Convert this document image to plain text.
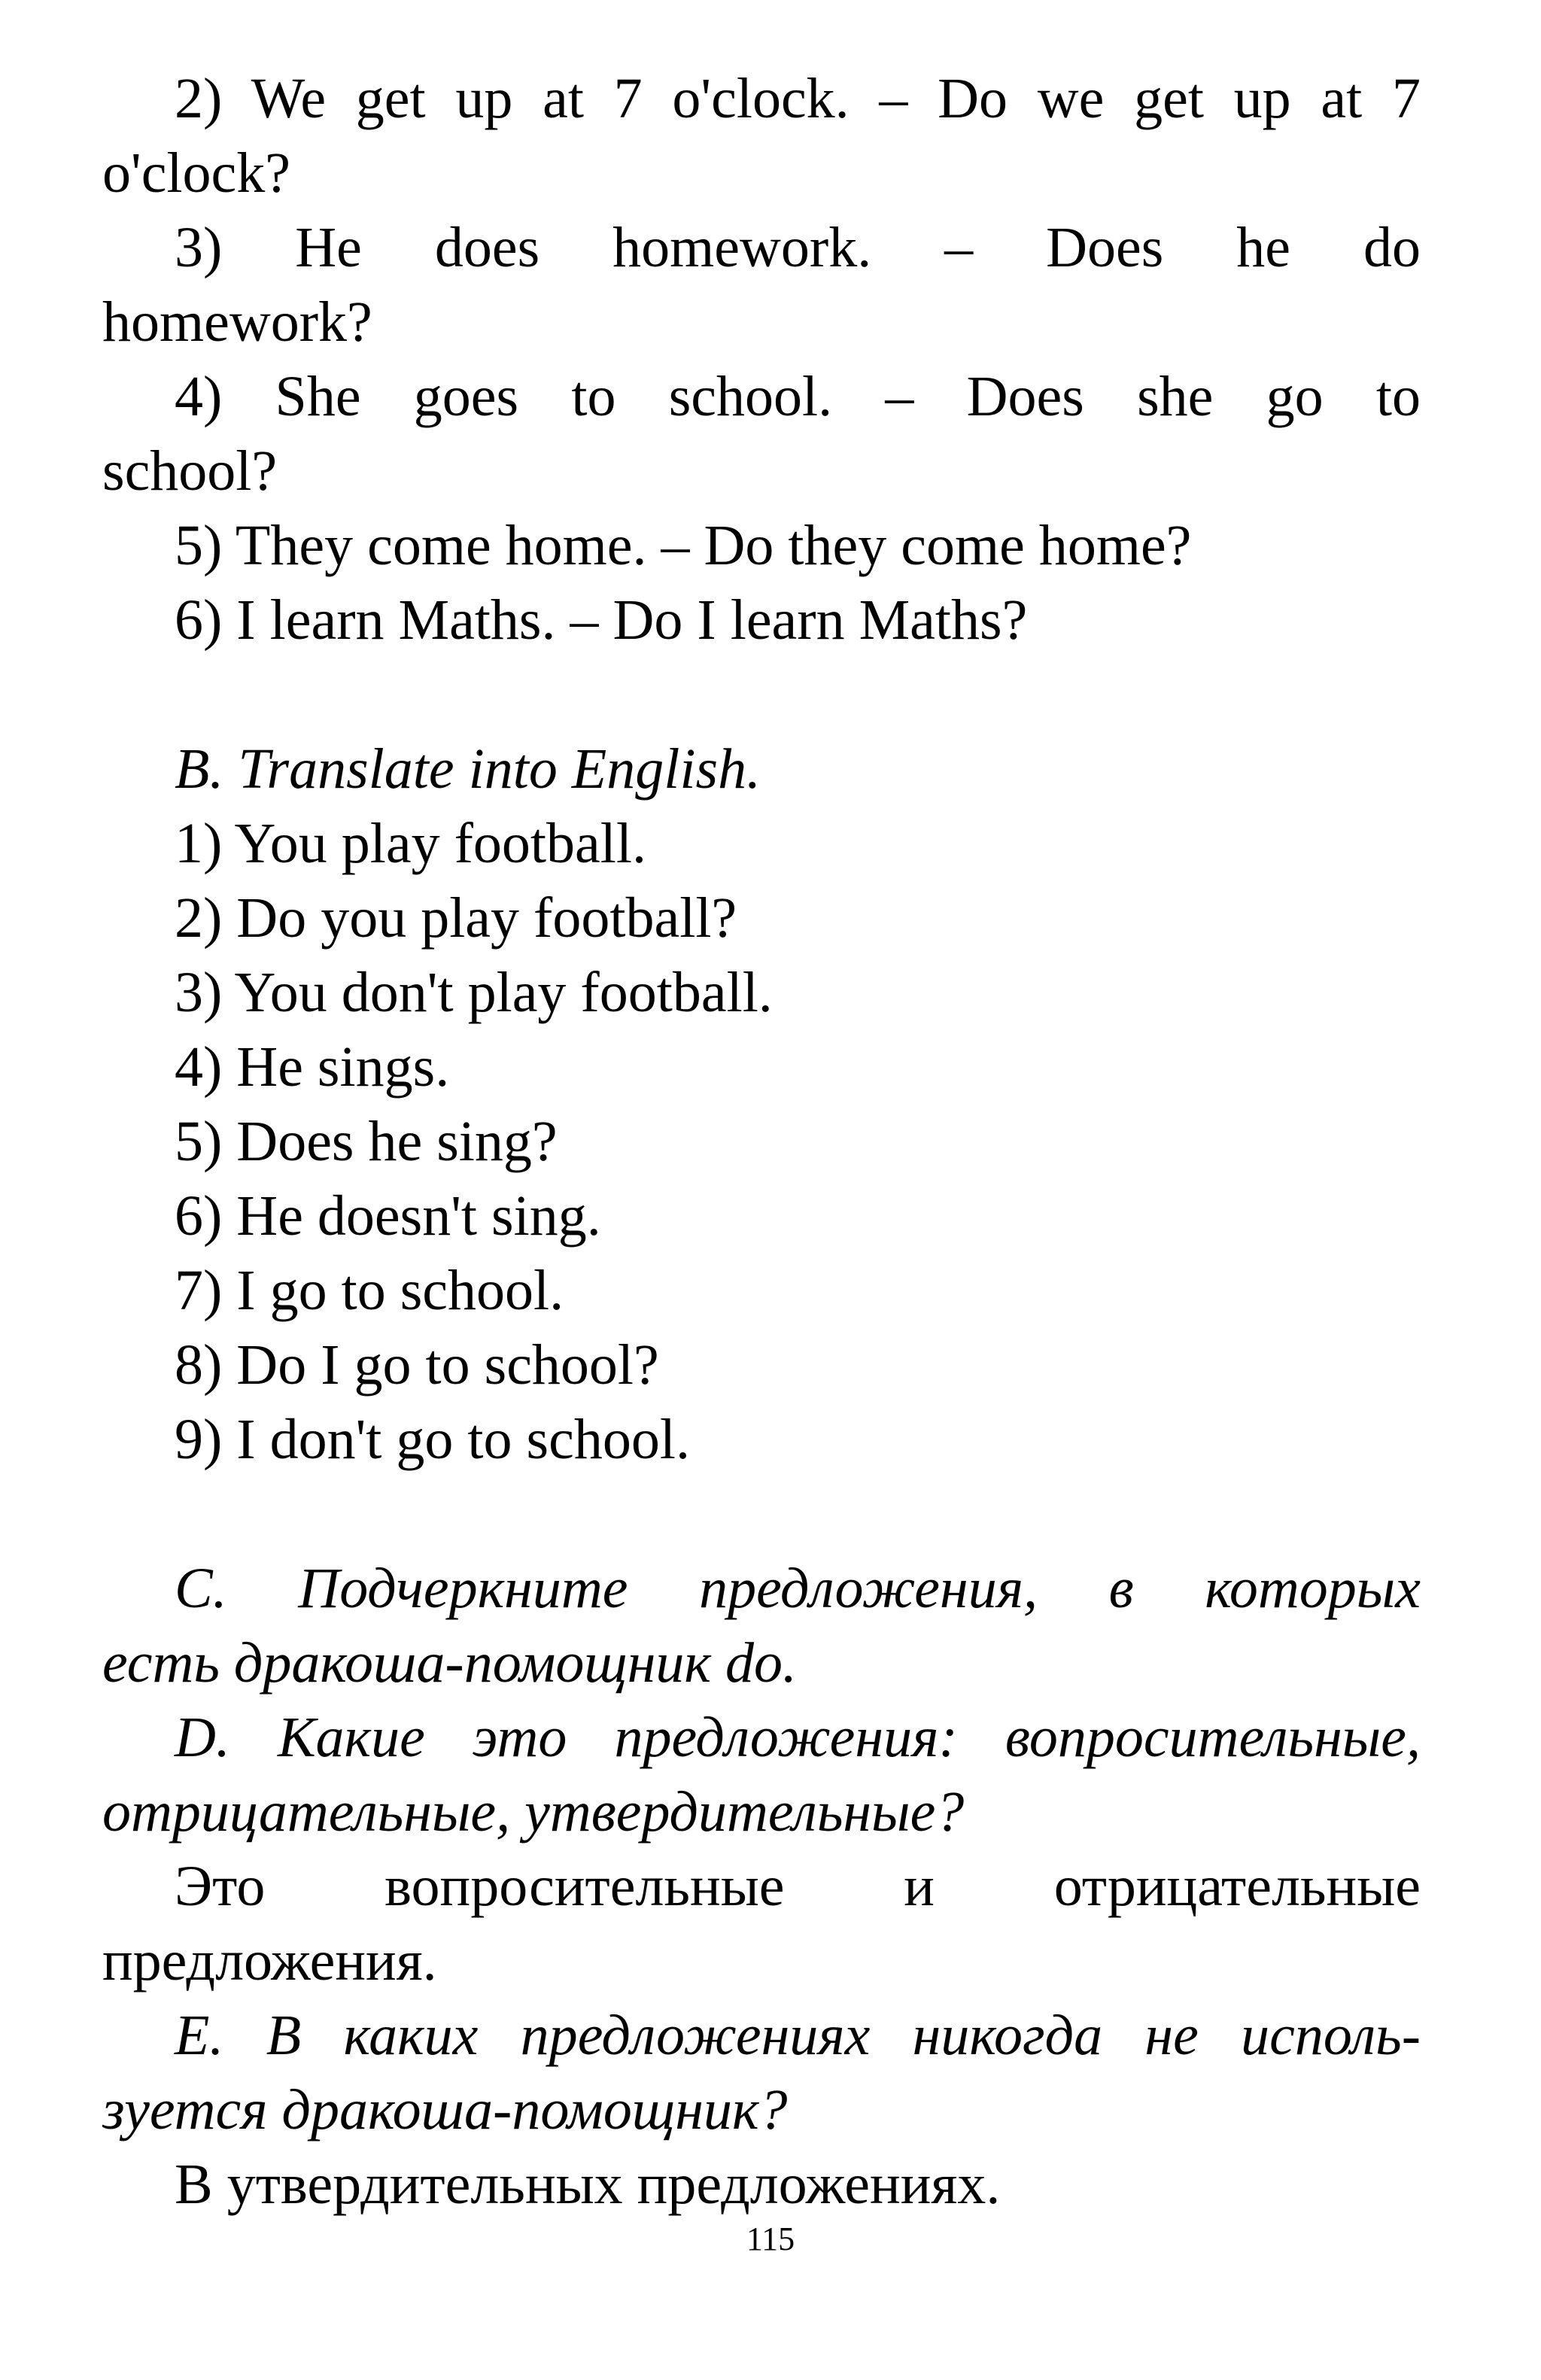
2) We get up at 7 o'clock. – Do we get up at 7
o'clock?
3) He does homework. – Does he do
homework?
4) She goes to school. – Does she go to
school?
5) They come home. – Do they come home?
6) I learn Maths. – Do I learn Maths?
B. Translate into English.
1) You play football.
2) Do you play football?
3) You don't play football.
4) He sings.
5) Does he sing?
6) He doesn't sing.
7) I go to school.
8) Do I go to school?
9) I don't go to school.
C. Подчеркните предложения, в которых
есть дракоша-помощник do.
D. Какие это предложения: вопросительные,
отрицательные, утвердительные?
Это вопросительные и отрицательные
предложения.
E. В каких предложениях никогда не исполь-
зуется дракоша-помощник?
В утвердительных предложениях.
115
